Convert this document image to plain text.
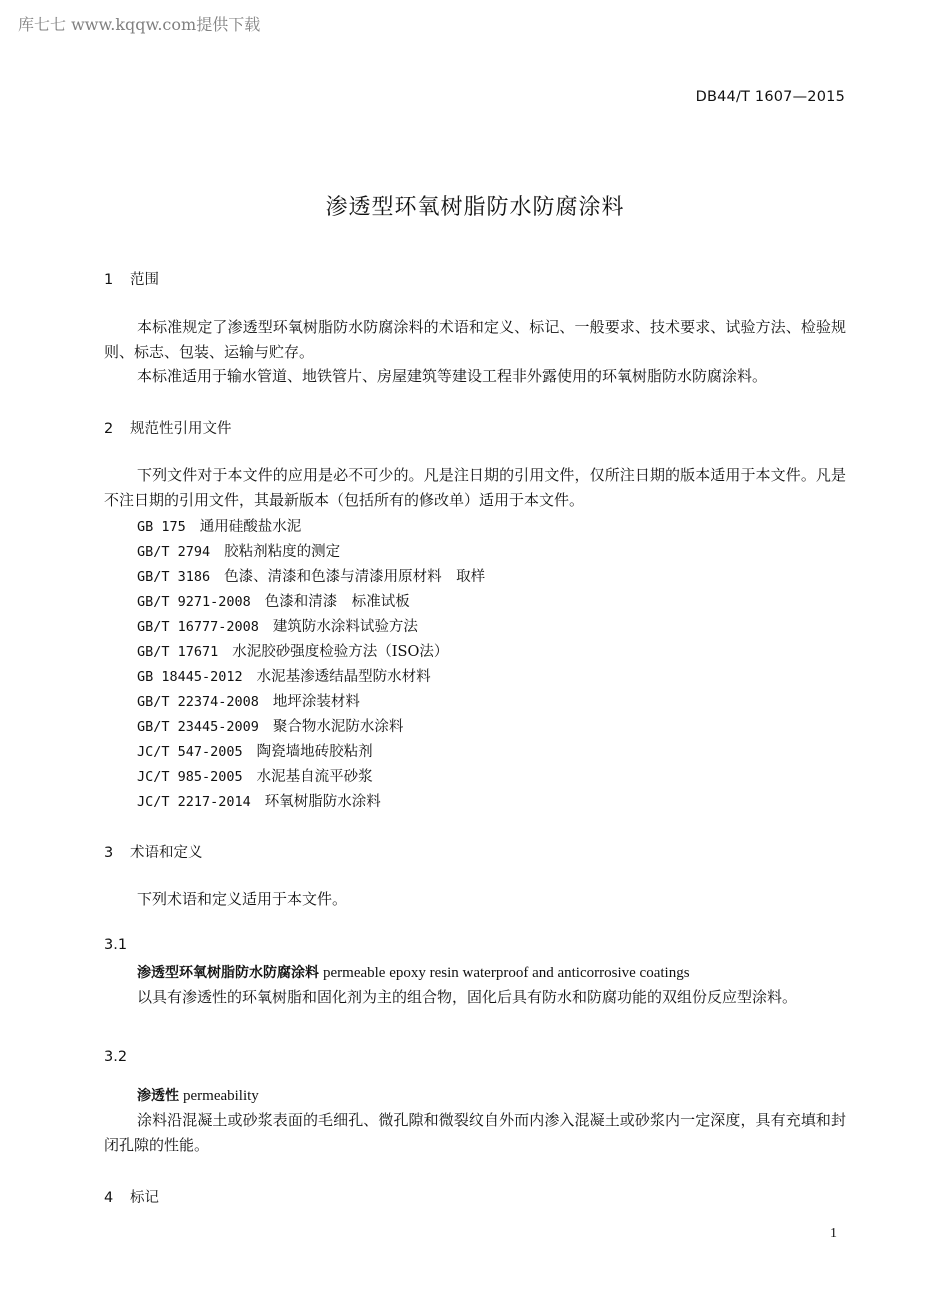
库七七 www.kqqw.com提供下载
DB44/T 1607—2015
渗透型环氧树脂防水防腐涂料
1 范围
本标准规定了渗透型环氧树脂防水防腐涂料的术语和定义、标记、一般要求、技术要求、试验方法、检验规则、标志、包装、运输与贮存。
本标准适用于输水管道、地铁管片、房屋建筑等建设工程非外露使用的环氧树脂防水防腐涂料。
2 规范性引用文件
下列文件对于本文件的应用是必不可少的。凡是注日期的引用文件，仅所注日期的版本适用于本文件。凡是不注日期的引用文件，其最新版本（包括所有的修改单）适用于本文件。
GB 175 通用硅酸盐水泥
GB/T 2794 胶粘剂粘度的测定
GB/T 3186 色漆、清漆和色漆与清漆用原材料　取样
GB/T 9271-2008 色漆和清漆　标准试板
GB/T 16777-2008 建筑防水涂料试验方法
GB/T 17671 水泥胶砂强度检验方法（ISO法）
GB 18445-2012 水泥基渗透结晶型防水材料
GB/T 22374-2008 地坪涂装材料
GB/T 23445-2009 聚合物水泥防水涂料
JC/T 547-2005 陶瓷墙地砖胶粘剂
JC/T 985-2005 水泥基自流平砂浆
JC/T 2217-2014 环氧树脂防水涂料
3 术语和定义
下列术语和定义适用于本文件。
3.1
渗透型环氧树脂防水防腐涂料 permeable epoxy resin waterproof and anticorrosive coatings
以具有渗透性的环氧树脂和固化剂为主的组合物，固化后具有防水和防腐功能的双组份反应型涂料。
3.2
渗透性 permeability
涂料沿混凝土或砂浆表面的毛细孔、微孔隙和微裂纹自外而内渗入混凝土或砂浆内一定深度，具有充填和封闭孔隙的性能。
4 标记
1
